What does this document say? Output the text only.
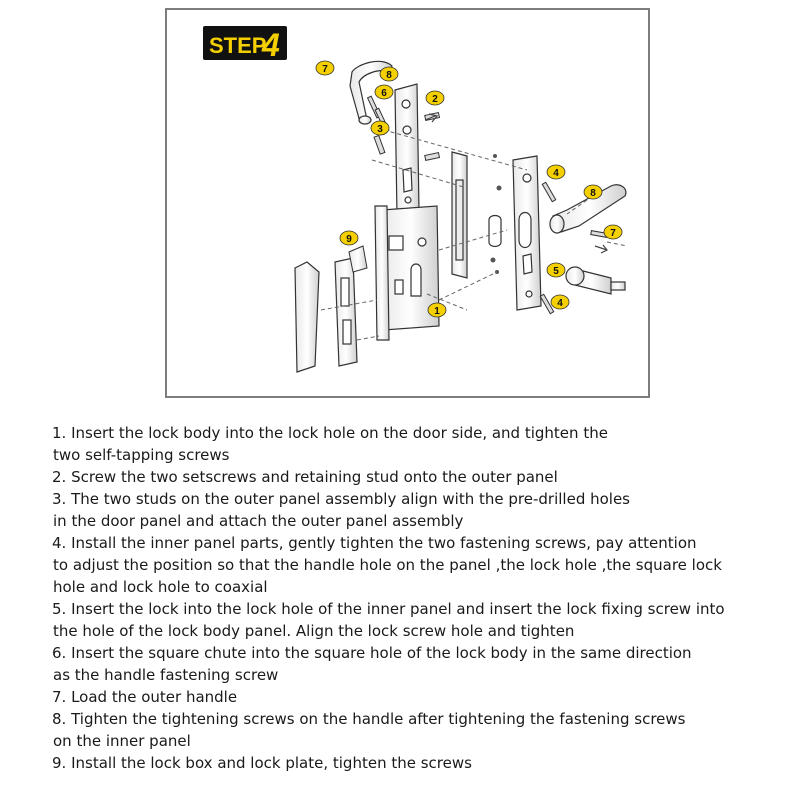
STEP
4
1
2
3
4
4
5
6
7
7
8
8
9
1. Insert the lock body into the lock hole on the door side, and tighten the
two self-tapping screws
2. Screw the two setscrews and retaining stud onto the outer panel
3. The two studs on the outer panel assembly align with the pre-drilled holes
in the door panel and attach the outer panel assembly
4. Install the inner panel parts, gently tighten the two fastening screws, pay attention
to adjust the position so that the handle hole on the panel ,the lock hole ,the square lock
hole and lock hole to coaxial
5. Insert the lock into the lock hole of the inner panel and insert the lock fixing screw into
the hole of the lock body panel. Align the lock screw hole and tighten
6. Insert the square chute into the square hole of the lock body in the same direction
as the handle fastening screw
7. Load the outer handle
8. Tighten the tightening screws on the handle after tightening the fastening screws
on the inner panel
9. Install the lock box and lock plate, tighten the screws
